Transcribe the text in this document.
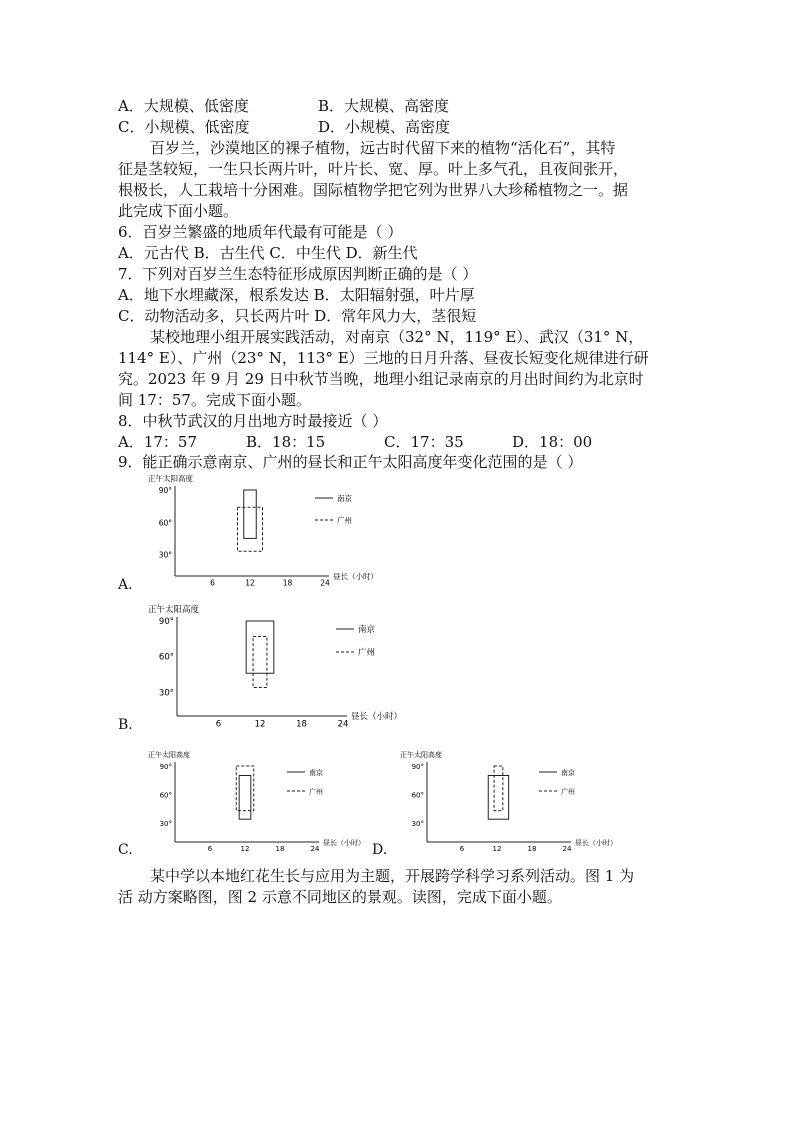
A．大规模、低密度	B．大规模、高密度
C．小规模、低密度	D．小规模、高密度
百岁兰，沙漠地区的裸子植物，远古时代留下来的植物“活化石”，其特
征是茎较短，一生只长两片叶，叶片长、宽、厚。叶上多气孔，且夜间张开，
根极长，人工栽培十分困难。国际植物学把它列为世界八大珍稀植物之一。据
此完成下面小题。
6．百岁兰繁盛的地质年代最有可能是（ ）
A．元古代 B．古生代 C．中生代 D．新生代
7．下列对百岁兰生态特征形成原因判断正确的是（ ）
A．地下水埋藏深，根系发达 B．太阳辐射强，叶片厚
C．动物活动多，只长两片叶 D．常年风力大，茎很短
某校地理小组开展实践活动，对南京（32° N，119° E）、武汉（31° N，
114° E）、广州（23° N，113° E）三地的日月升落、昼夜长短变化规律进行研
究。2023 年 9 月 29 日中秋节当晚，地理小组记录南京的月出时间约为北京时
间 17：57。完成下面小题。
8．中秋节武汉的月出地方时最接近（ ）
A．17：57	B．18：15	C．17：35	D．18：00
9．能正确示意南京、广州的昼长和正午太阳高度年变化范围的是（ ）
正午太阳高度
90°
60°
30°
6	12	18	24
昼长（小时）
南京
广州
A.
正午太阳高度
90°
60°
30°
6	12	18	24
昼长（小时）
南京
广州
B.
正午太阳高度
90°
60°
30°
6	12	18	24
昼长（小时）
南京
广州
C.
正午太阳高度
90°
60°
30°
6	12	18	24
昼长（小时）
南京
广州
D.
某中学以本地红花生长与应用为主题，开展跨学科学习系列活动。图 1 为
活 动方案略图，图 2 示意不同地区的景观。读图，完成下面小题。
